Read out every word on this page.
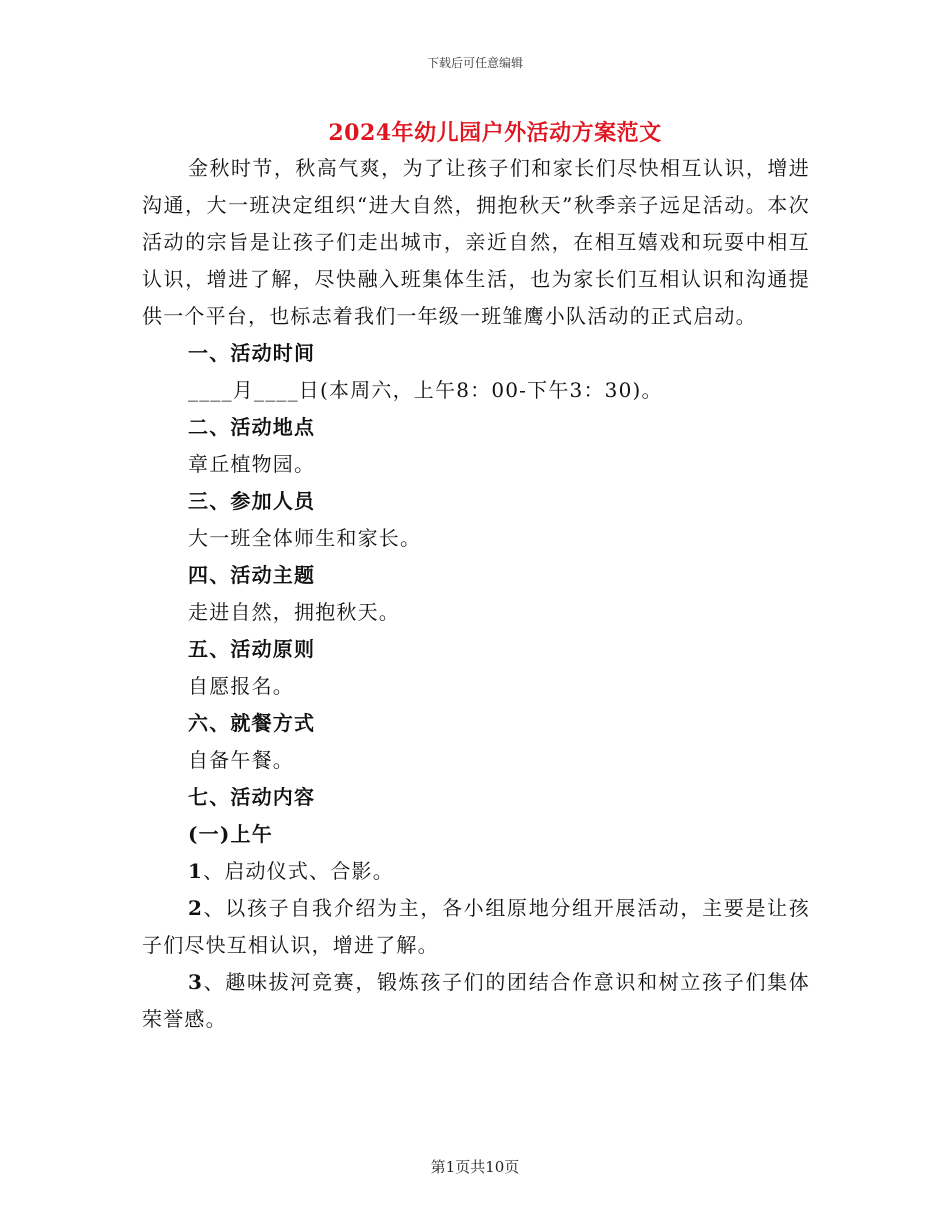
下载后可任意编辑
2024年幼儿园户外活动方案范文

金秋时节，秋高气爽，为了让孩子们和家长们尽快相互认识，增进沟通，大一班决定组织“进大自然，拥抱秋天”秋季亲子远足活动。本次活动的宗旨是让孩子们走出城市，亲近自然，在相互嬉戏和玩耍中相互认识，增进了解，尽快融入班集体生活，也为家长们互相认识和沟通提供一个平台，也标志着我们一年级一班雏鹰小队活动的正式启动。

一、活动时间

____月____日(本周六，上午8：00-下午3：30)。

二、活动地点

章丘植物园。

三、参加人员

大一班全体师生和家长。

四、活动主题

走进自然，拥抱秋天。

五、活动原则

自愿报名。

六、就餐方式

自备午餐。

七、活动内容

(一)上午

1、启动仪式、合影。

2、以孩子自我介绍为主，各小组原地分组开展活动，主要是让孩子们尽快互相认识，增进了解。

3、趣味拔河竞赛，锻炼孩子们的团结合作意识和树立孩子们集体荣誉感。

第1页共10页
